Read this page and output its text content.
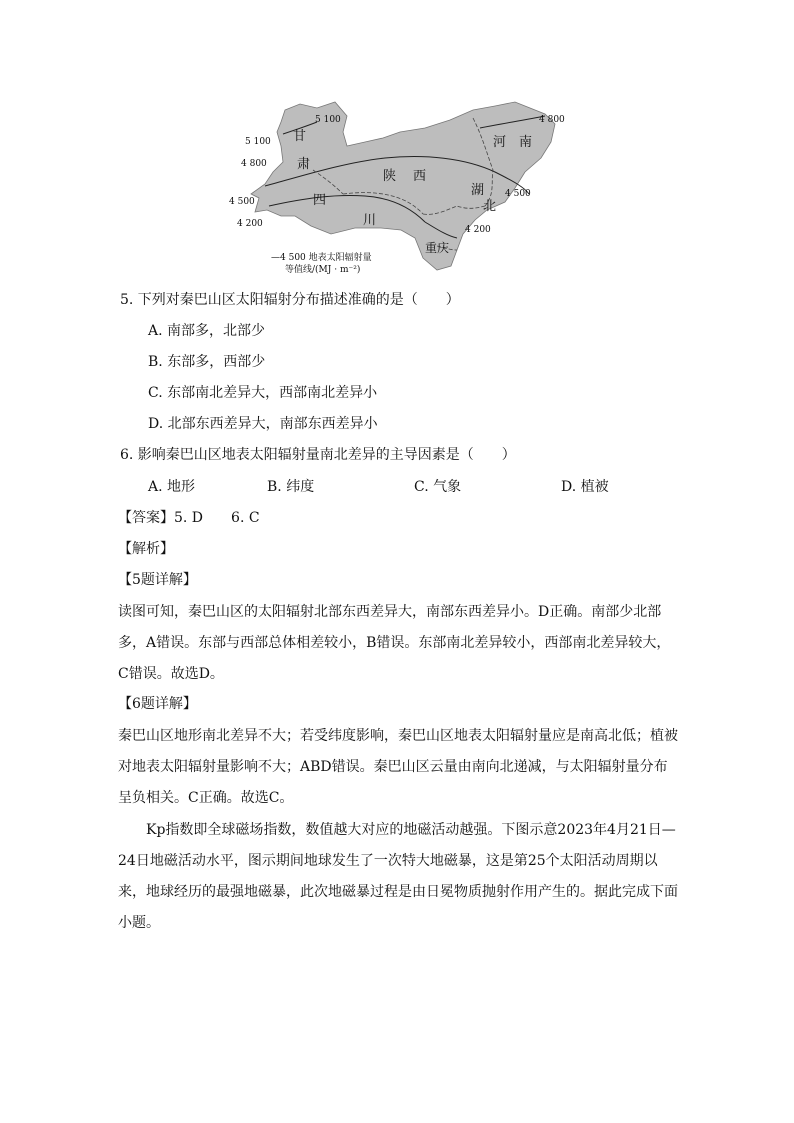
甘
肃
陕 西
河 南
四
川
湖
北
重庆
5 100
5 100
4 800
4 500
4 200
4 800
4 500
4 200
—4 500 地表太阳辐射量
等值线/(MJ · m⁻²)
5. 下列对秦巴山区太阳辐射分布描述准确的是（　　）
A. 南部多，北部少
B. 东部多，西部少
C. 东部南北差异大，西部南北差异小
D. 北部东西差异大，南部东西差异小
6. 影响秦巴山区地表太阳辐射量南北差异的主导因素是（　　）
A. 地形	B. 纬度	C. 气象	D. 植被
【答案】5. D　　6. C
【解析】
【5题详解】
读图可知，秦巴山区的太阳辐射北部东西差异大，南部东西差异小。D正确。南部少北部多，A错误。东部与西部总体相差较小，B错误。东部南北差异较小，西部南北差异较大，C错误。故选D。
【6题详解】
秦巴山区地形南北差异不大；若受纬度影响，秦巴山区地表太阳辐射量应是南高北低；植被对地表太阳辐射量影响不大；ABD错误。秦巴山区云量由南向北递减，与太阳辐射量分布呈负相关。C正确。故选C。
　　Kp指数即全球磁场指数，数值越大对应的地磁活动越强。下图示意2023年4月21日—24日地磁活动水平，图示期间地球发生了一次特大地磁暴，这是第25个太阳活动周期以来，地球经历的最强地磁暴，此次地磁暴过程是由日冕物质抛射作用产生的。据此完成下面小题。
